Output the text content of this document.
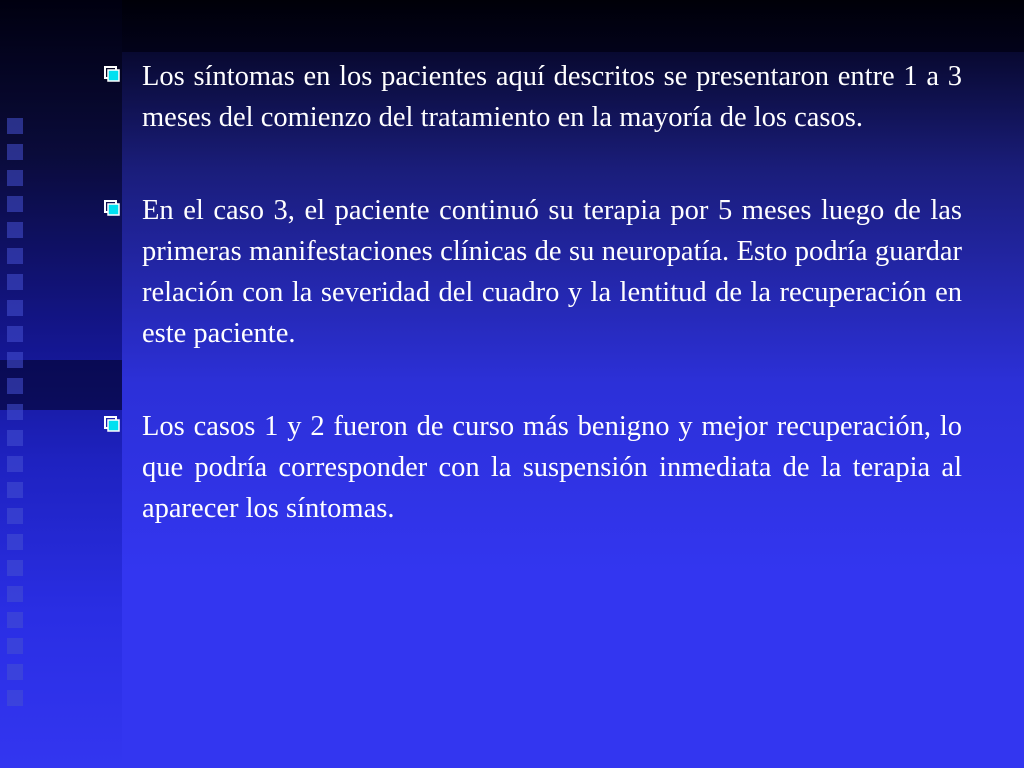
Los síntomas en los pacientes aquí descritos se presentaron entre 1 a 3 meses del comienzo del tratamiento en la mayoría de los casos.
En el caso 3, el paciente continuó su terapia por 5 meses luego de las primeras manifestaciones clínicas de su neuropatía. Esto podría guardar relación con la severidad del cuadro y la lentitud de la recuperación en este paciente.
Los casos 1 y 2 fueron de curso más benigno y mejor recuperación, lo que podría corresponder con la suspensión inmediata de la terapia al aparecer los síntomas.
